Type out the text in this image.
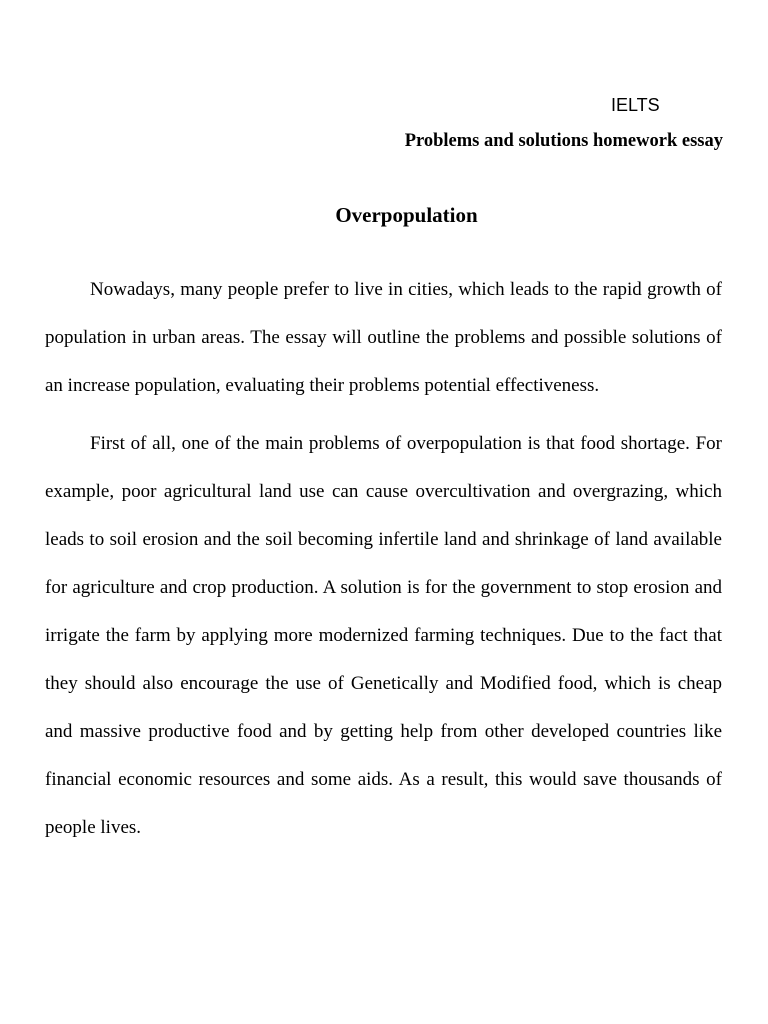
IELTS
Problems and solutions homework essay
Overpopulation

Nowadays, many people prefer to live in cities, which leads to the rapid growth of population in urban areas. The essay will outline the problems and possible solutions of an increase population, evaluating their problems potential effectiveness.

First of all, one of the main problems of overpopulation is that food shortage. For example, poor agricultural land use can cause overcultivation and overgrazing, which leads to soil erosion and the soil becoming infertile land and shrinkage of land available for agriculture and crop production. A solution is for the government to stop erosion and irrigate the farm by applying more modernized farming techniques. Due to the fact that they should also encourage the use of Genetically and Modified food, which is cheap and massive productive food and by getting help from other developed countries like financial economic resources and some aids. As a result, this would save thousands of people lives.
